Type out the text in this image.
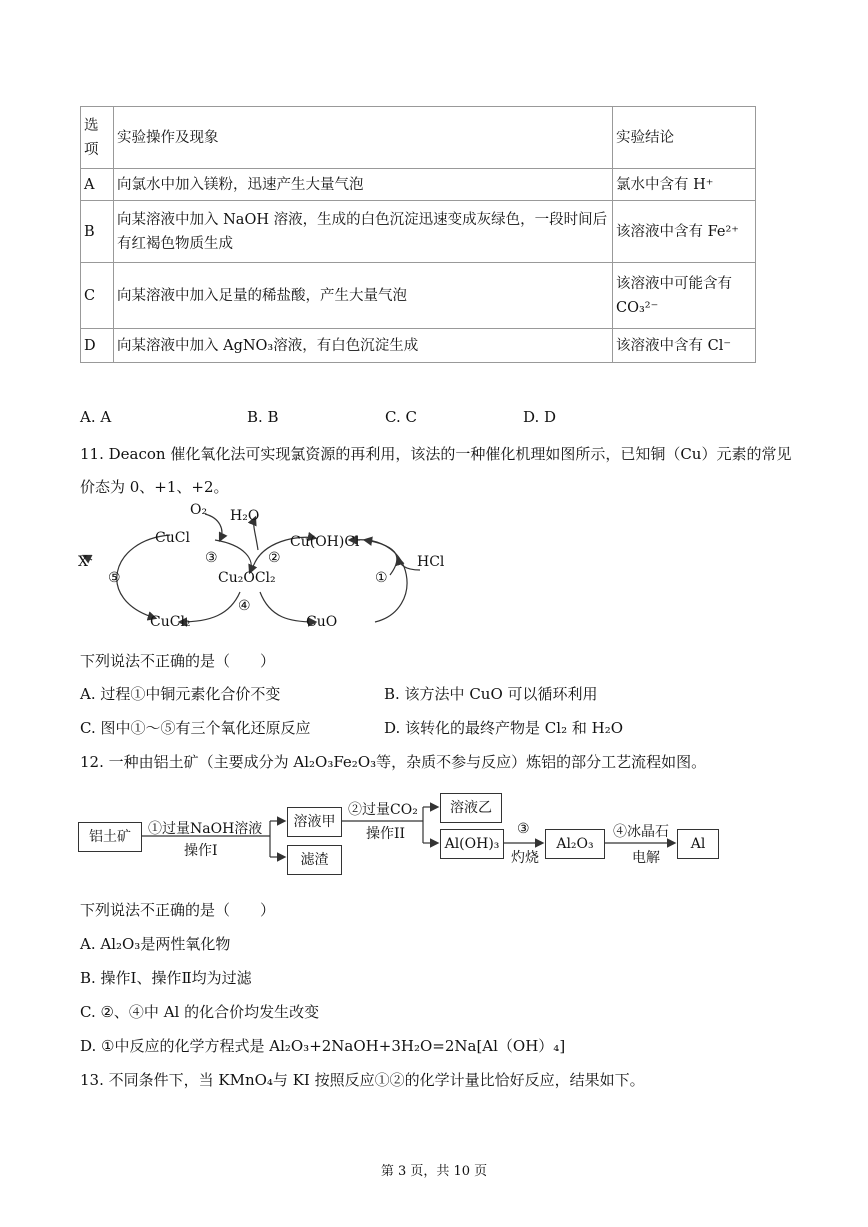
选项	实验操作及现象	实验结论
A	向氯水中加入镁粉，迅速产生大量气泡	氯水中含有 H⁺
B	向某溶液中加入 NaOH 溶液，生成的白色沉淀迅速变成灰绿色，一段时间后有红褐色物质生成	该溶液中含有 Fe²⁺
C	向某溶液中加入足量的稀盐酸，产生大量气泡	该溶液中可能含有 CO₃²⁻
D	向某溶液中加入 AgNO₃溶液，有白色沉淀生成	该溶液中含有 Cl⁻
A. A	B. B	C. C	D. D
11. Deacon 催化氧化法可实现氯资源的再利用，该法的一种催化机理如图所示，已知铜（Cu）元素的常见
价态为 0、+1、+2。
O₂ H₂O
CuCl	Cu(OH)Cl
③	②
X
⑤
HCl
①
Cu₂OCl₂
④
CuCl₂	CuO
下列说法不正确的是（　　）
A. 过程①中铜元素化合价不变	B. 该方法中 CuO 可以循环利用
C. 图中①～⑤有三个氧化还原反应	D. 该转化的最终产物是 Cl₂ 和 H₂O
12. 一种由铝土矿（主要成分为 Al₂O₃Fe₂O₃等，杂质不参与反应）炼铝的部分工艺流程如图。
铝土矿	①过量NaOH溶液
操作I
溶液甲
滤渣
②过量CO₂
操作II
溶液乙
Al(OH)₃
③
灼烧
Al₂O₃
④冰晶石
电解
Al
下列说法不正确的是（　　）
A. Al₂O₃是两性氧化物
B. 操作Ⅰ、操作Ⅱ均为过滤
C. ②、④中 Al 的化合价均发生改变
D. ①中反应的化学方程式是 Al₂O₃+2NaOH+3H₂O=2Na[Al（OH）₄]
13. 不同条件下，当 KMnO₄与 KI 按照反应①②的化学计量比恰好反应，结果如下。
第 3 页，共 10 页
